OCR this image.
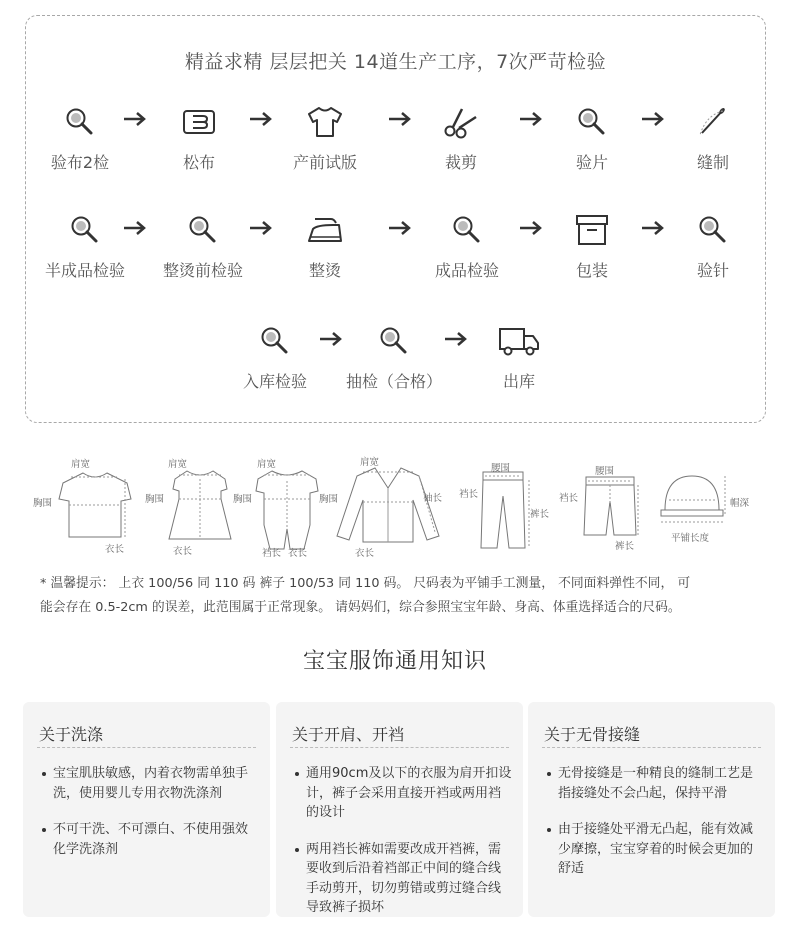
精益求精 层层把关 14道生产工序，7次严苛检验
验布2检	松布	产前试版	裁剪	验片	缝制
半成品检验	整烫前检验	整烫	成品检验	包装	验针
入库检验	抽检（合格）	出库
肩宽
胸围
衣长
肩宽
胸围
衣长
肩宽
胸围
裆长 衣长
肩宽
胸围	袖长
衣长
腰围
裆长
裤长
腰围
裆长
裤长
帽深
平铺长度
* 温馨提示： 上衣 100/56 同 110 码 裤子 100/53 同 110 码。 尺码表为平铺手工测量， 不同面料弹性不同， 可
能会存在 0.5-2cm 的误差，此范围属于正常现象。 请妈妈们，综合参照宝宝年龄、身高、体重选择适合的尺码。
宝宝服饰通用知识
关于洗涤
宝宝肌肤敏感，内着衣物需单独手洗，使用婴儿专用衣物洗涤剂
不可干洗、不可漂白、不使用强效化学洗涤剂
关于开肩、开裆
通用90cm及以下的衣服为肩开扣设计，裤子会采用直接开裆或两用裆的设计
两用裆长裤如需要改成开裆裤，需要收到后沿着裆部正中间的缝合线手动剪开，切勿剪错或剪过缝合线导致裤子损坏
关于无骨接缝
无骨接缝是一种精良的缝制工艺是指接缝处不会凸起，保持平滑
由于接缝处平滑无凸起，能有效减少摩擦，宝宝穿着的时候会更加的舒适
